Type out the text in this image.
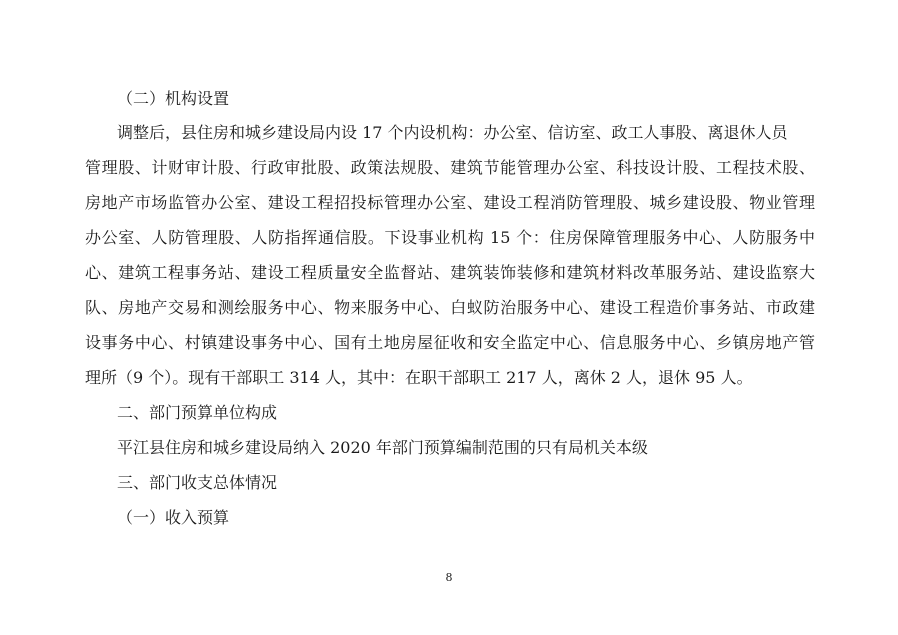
（二）机构设置
调整后，县住房和城乡建设局内设 17 个内设机构：办公室、信访室、政工人事股、离退休人员
管理股、计财审计股、行政审批股、政策法规股、建筑节能管理办公室、科技设计股、工程技术股、
房地产市场监管办公室、建设工程招投标管理办公室、建设工程消防管理股、城乡建设股、物业管理
办公室、人防管理股、人防指挥通信股。下设事业机构 15 个：住房保障管理服务中心、人防服务中
心、建筑工程事务站、建设工程质量安全监督站、建筑装饰装修和建筑材料改革服务站、建设监察大
队、房地产交易和测绘服务中心、物来服务中心、白蚁防治服务中心、建设工程造价事务站、市政建
设事务中心、村镇建设事务中心、国有土地房屋征收和安全监定中心、信息服务中心、乡镇房地产管
理所（9 个）。现有干部职工 314 人，其中：在职干部职工 217 人，离休 2 人，退休 95 人。
二、部门预算单位构成
平江县住房和城乡建设局纳入 2020 年部门预算编制范围的只有局机关本级
三、部门收支总体情况
（一）收入预算
8
